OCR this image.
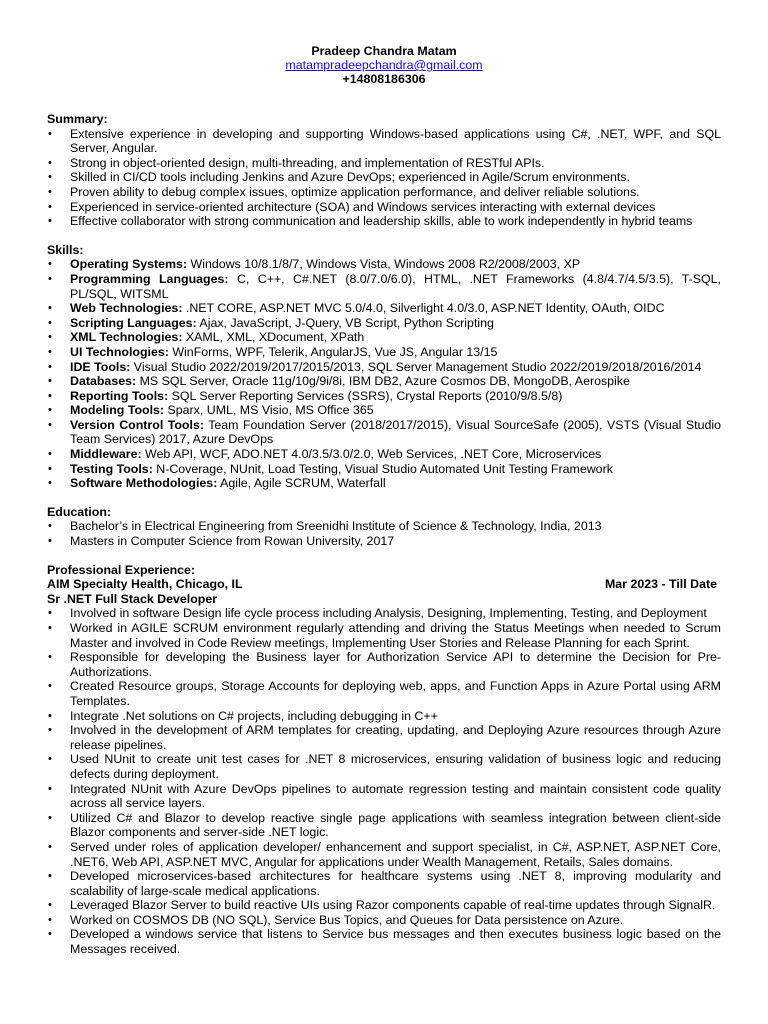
Pradeep Chandra Matam
matampradeepchandra@gmail.com
+14808186306
Summary:
• Extensive experience in developing and supporting Windows-based applications using C#, .NET, WPF, and SQL Server, Angular.
• Strong in object-oriented design, multi-threading, and implementation of RESTful APIs.
• Skilled in CI/CD tools including Jenkins and Azure DevOps; experienced in Agile/Scrum environments.
• Proven ability to debug complex issues, optimize application performance, and deliver reliable solutions.
• Experienced in service-oriented architecture (SOA) and Windows services interacting with external devices
• Effective collaborator with strong communication and leadership skills, able to work independently in hybrid teams
Skills:
• Operating Systems: Windows 10/8.1/8/7, Windows Vista, Windows 2008 R2/2008/2003, XP
• Programming Languages: C, C++, C#.NET (8.0/7.0/6.0), HTML, .NET Frameworks (4.8/4.7/4.5/3.5), T-SQL, PL/SQL, WITSML
• Web Technologies: .NET CORE, ASP.NET MVC 5.0/4.0, Silverlight 4.0/3.0, ASP.NET Identity, OAuth, OIDC
• Scripting Languages: Ajax, JavaScript, J-Query, VB Script, Python Scripting
• XML Technologies: XAML, XML, XDocument, XPath
• UI Technologies: WinForms, WPF, Telerik, AngularJS, Vue JS, Angular 13/15
• IDE Tools: Visual Studio 2022/2019/2017/2015/2013, SQL Server Management Studio 2022/2019/2018/2016/2014
• Databases: MS SQL Server, Oracle 11g/10g/9i/8i, IBM DB2, Azure Cosmos DB, MongoDB, Aerospike
• Reporting Tools: SQL Server Reporting Services (SSRS), Crystal Reports (2010/9/8.5/8)
• Modeling Tools: Sparx, UML, MS Visio, MS Office 365
• Version Control Tools: Team Foundation Server (2018/2017/2015), Visual SourceSafe (2005), VSTS (Visual Studio Team Services) 2017, Azure DevOps
• Middleware: Web API, WCF, ADO.NET 4.0/3.5/3.0/2.0, Web Services, .NET Core, Microservices
• Testing Tools: N-Coverage, NUnit, Load Testing, Visual Studio Automated Unit Testing Framework
• Software Methodologies: Agile, Agile SCRUM, Waterfall
Education:
• Bachelor’s in Electrical Engineering from Sreenidhi Institute of Science & Technology, India, 2013
• Masters in Computer Science from Rowan University, 2017
Professional Experience:
AIM Specialty Health, Chicago, IL	Mar 2023 - Till Date
Sr .NET Full Stack Developer
• Involved in software Design life cycle process including Analysis, Designing, Implementing, Testing, and Deployment
• Worked in AGILE SCRUM environment regularly attending and driving the Status Meetings when needed to Scrum Master and involved in Code Review meetings, Implementing User Stories and Release Planning for each Sprint.
• Responsible for developing the Business layer for Authorization Service API to determine the Decision for Pre-Authorizations.
• Created Resource groups, Storage Accounts for deploying web, apps, and Function Apps in Azure Portal using ARM Templates.
• Integrate .Net solutions on C# projects, including debugging in C++
• Involved in the development of ARM templates for creating, updating, and Deploying Azure resources through Azure release pipelines.
• Used NUnit to create unit test cases for .NET 8 microservices, ensuring validation of business logic and reducing defects during deployment.
• Integrated NUnit with Azure DevOps pipelines to automate regression testing and maintain consistent code quality across all service layers.
• Utilized C# and Blazor to develop reactive single page applications with seamless integration between client-side Blazor components and server-side .NET logic.
• Served under roles of application developer/ enhancement and support specialist, in C#, ASP.NET, ASP.NET Core, .NET6, Web API, ASP.NET MVC, Angular for applications under Wealth Management, Retails, Sales domains.
• Developed microservices-based architectures for healthcare systems using .NET 8, improving modularity and scalability of large-scale medical applications.
• Leveraged Blazor Server to build reactive UIs using Razor components capable of real-time updates through SignalR.
• Worked on COSMOS DB (NO SQL), Service Bus Topics, and Queues for Data persistence on Azure.
• Developed a windows service that listens to Service bus messages and then executes business logic based on the Messages received.
